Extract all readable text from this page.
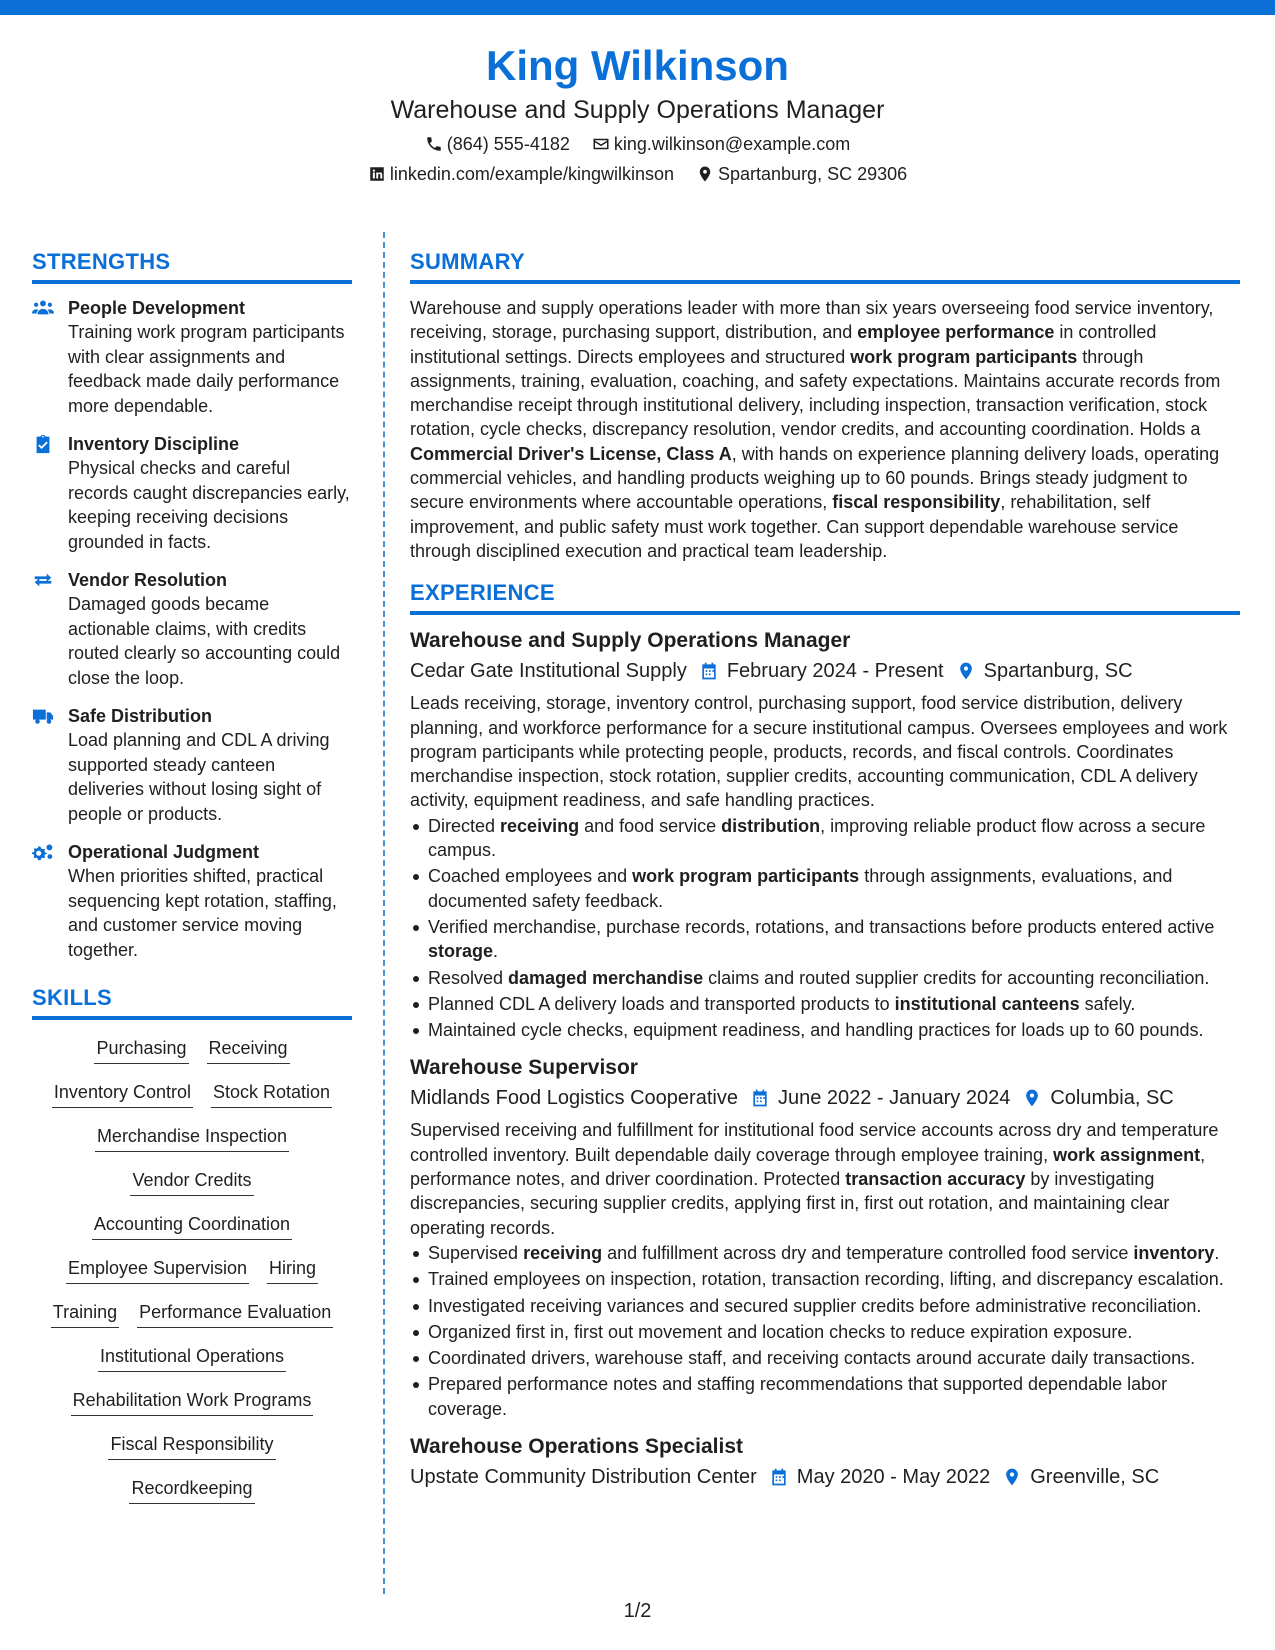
King Wilkinson
Warehouse and Supply Operations Manager
(864) 555-4182 king.wilkinson@example.com
linkedin.com/example/kingwilkinson Spartanburg, SC 29306
STRENGTHS
People Development
Training work program participants with clear assignments and feedback made daily performance more dependable.
Inventory Discipline
Physical checks and careful records caught discrepancies early, keeping receiving decisions grounded in facts.
Vendor Resolution
Damaged goods became actionable claims, with credits routed clearly so accounting could close the loop.
Safe Distribution
Load planning and CDL A driving supported steady canteen deliveries without losing sight of people or products.
Operational Judgment
When priorities shifted, practical sequencing kept rotation, staffing, and customer service moving together.
SKILLS
Purchasing Receiving
Inventory Control Stock Rotation
Merchandise Inspection
Vendor Credits
Accounting Coordination
Employee Supervision Hiring
Training Performance Evaluation
Institutional Operations
Rehabilitation Work Programs
Fiscal Responsibility
Recordkeeping
SUMMARY
Warehouse and supply operations leader with more than six years overseeing food service inventory, receiving, storage, purchasing support, distribution, and employee performance in controlled institutional settings. Directs employees and structured work program participants through assignments, training, evaluation, coaching, and safety expectations. Maintains accurate records from merchandise receipt through institutional delivery, including inspection, transaction verification, stock rotation, cycle checks, discrepancy resolution, vendor credits, and accounting coordination. Holds a Commercial Driver's License, Class A, with hands on experience planning delivery loads, operating commercial vehicles, and handling products weighing up to 60 pounds. Brings steady judgment to secure environments where accountable operations, fiscal responsibility, rehabilitation, self improvement, and public safety must work together. Can support dependable warehouse service through disciplined execution and practical team leadership.
EXPERIENCE
Warehouse and Supply Operations Manager
Cedar Gate Institutional Supply February 2024 - Present Spartanburg, SC
Leads receiving, storage, inventory control, purchasing support, food service distribution, delivery planning, and workforce performance for a secure institutional campus. Oversees employees and work program participants while protecting people, products, records, and fiscal controls. Coordinates merchandise inspection, stock rotation, supplier credits, accounting communication, CDL A delivery activity, equipment readiness, and safe handling practices.
Directed receiving and food service distribution, improving reliable product flow across a secure campus.
Coached employees and work program participants through assignments, evaluations, and documented safety feedback.
Verified merchandise, purchase records, rotations, and transactions before products entered active storage.
Resolved damaged merchandise claims and routed supplier credits for accounting reconciliation.
Planned CDL A delivery loads and transported products to institutional canteens safely.
Maintained cycle checks, equipment readiness, and handling practices for loads up to 60 pounds.
Warehouse Supervisor
Midlands Food Logistics Cooperative June 2022 - January 2024 Columbia, SC
Supervised receiving and fulfillment for institutional food service accounts across dry and temperature controlled inventory. Built dependable daily coverage through employee training, work assignment, performance notes, and driver coordination. Protected transaction accuracy by investigating discrepancies, securing supplier credits, applying first in, first out rotation, and maintaining clear operating records.
Supervised receiving and fulfillment across dry and temperature controlled food service inventory.
Trained employees on inspection, rotation, transaction recording, lifting, and discrepancy escalation.
Investigated receiving variances and secured supplier credits before administrative reconciliation.
Organized first in, first out movement and location checks to reduce expiration exposure.
Coordinated drivers, warehouse staff, and receiving contacts around accurate daily transactions.
Prepared performance notes and staffing recommendations that supported dependable labor coverage.
Warehouse Operations Specialist
Upstate Community Distribution Center May 2020 - May 2022 Greenville, SC
1/2
